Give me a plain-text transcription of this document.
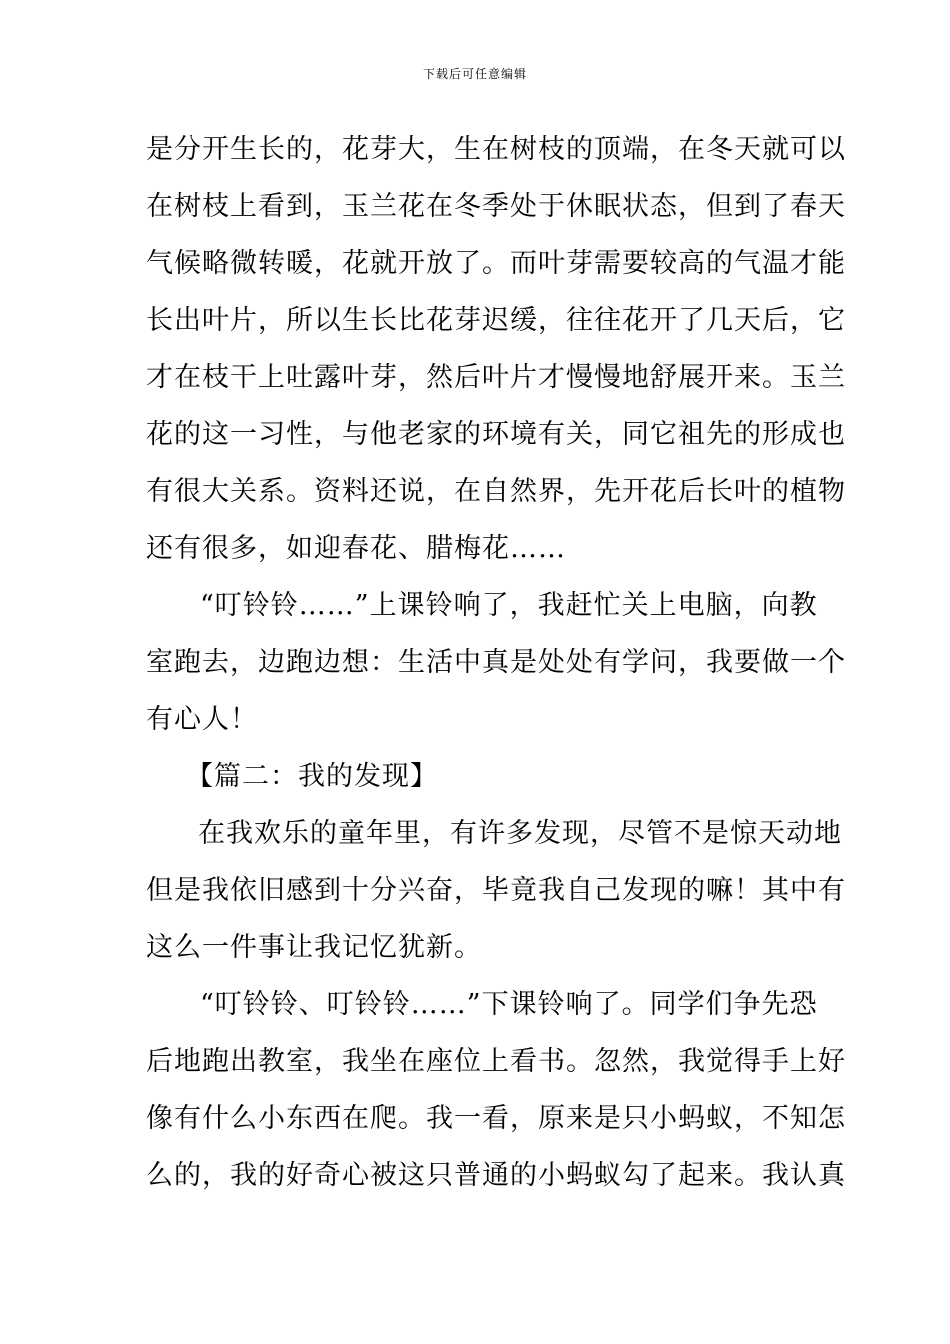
下载后可任意编辑
是分开生长的，花芽大，生在树枝的顶端，在冬天就可以
在树枝上看到，玉兰花在冬季处于休眠状态，但到了春天
气候略微转暖，花就开放了。而叶芽需要较高的气温才能
长出叶片，所以生长比花芽迟缓，往往花开了几天后，它
才在枝干上吐露叶芽，然后叶片才慢慢地舒展开来。玉兰
花的这一习性，与他老家的环境有关，同它祖先的形成也
有很大关系。资料还说，在自然界，先开花后长叶的植物
还有很多，如迎春花、腊梅花……
“叮铃铃……”上课铃响了，我赶忙关上电脑，向教
室跑去，边跑边想：生活中真是处处有学问，我要做一个
有心人！
【篇二：我的发现】
在我欢乐的童年里，有许多发现，尽管不是惊天动地
但是我依旧感到十分兴奋，毕竟我自己发现的嘛！其中有
这么一件事让我记忆犹新。
“叮铃铃、叮铃铃……”下课铃响了。同学们争先恐
后地跑出教室，我坐在座位上看书。忽然，我觉得手上好
像有什么小东西在爬。我一看，原来是只小蚂蚁，不知怎
么的，我的好奇心被这只普通的小蚂蚁勾了起来。我认真
